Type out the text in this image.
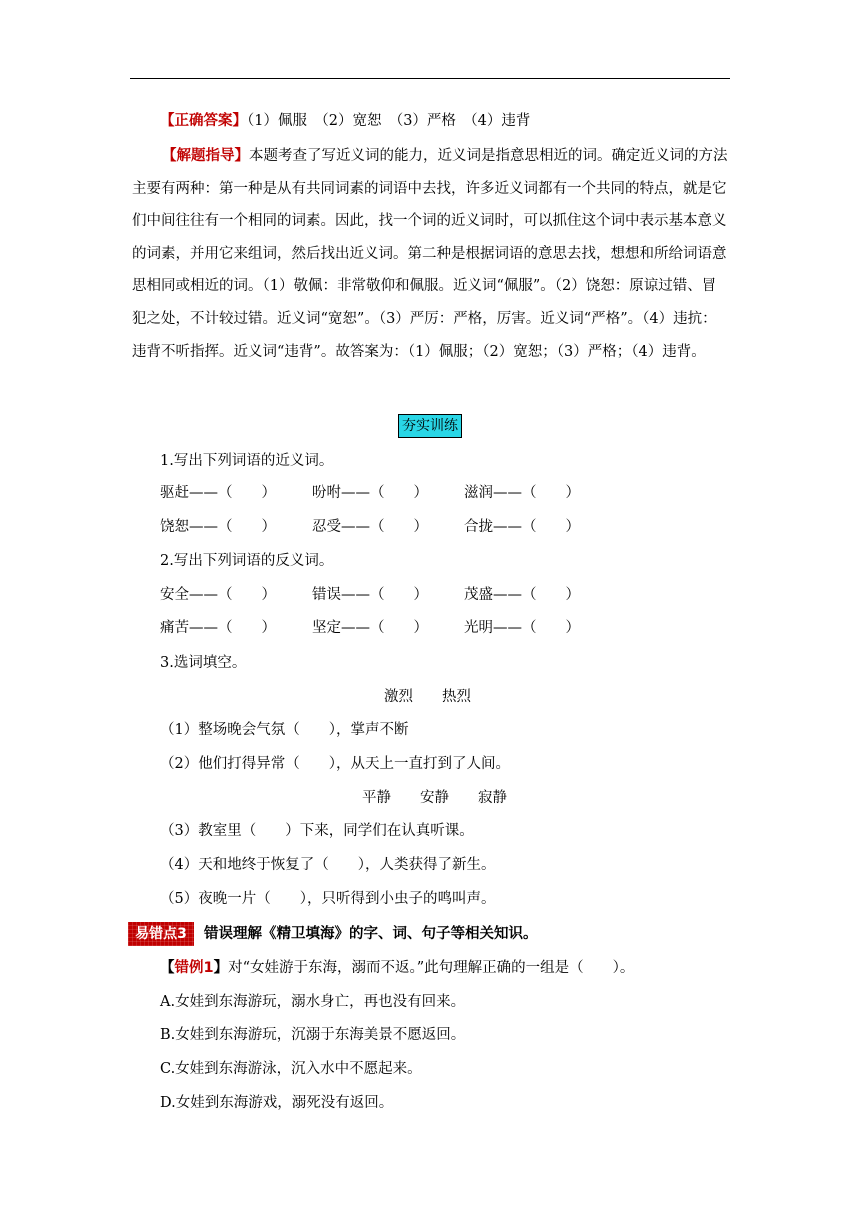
【正确答案】（1）佩服　（2）宽恕　（3）严格　（4）违背
【解题指导】本题考查了写近义词的能力，近义词是指意思相近的词。确定近义词的方法主要有两种：第一种是从有共同词素的词语中去找，许多近义词都有一个共同的特点，就是它们中间往往有一个相同的词素。因此，找一个词的近义词时，可以抓住这个词中表示基本意义的词素，并用它来组词，然后找出近义词。第二种是根据词语的意思去找，想想和所给词语意思相同或相近的词。（1）敬佩：非常敬仰和佩服。近义词“佩服”。（2）饶恕：原谅过错、冒犯之处，不计较过错。近义词“宽恕”。（3）严厉：严格，厉害。近义词“严格”。（4）违抗：违背不听指挥。近义词“违背”。故答案为：（1）佩服；（2）宽恕；（3）严格；（4）违背。
夯实训练
1.写出下列词语的近义词。
驱赶——（　　） 吩咐——（　　） 滋润——（　　）
饶恕——（　　） 忍受——（　　） 合拢——（　　）
2.写出下列词语的反义词。
安全——（　　） 错误——（　　） 茂盛——（　　）
痛苦——（　　） 坚定——（　　） 光明——（　　）
3.选词填空。
激烈　　热烈
（1）整场晚会气氛（　　），掌声不断
（2）他们打得异常（　　），从天上一直打到了人间。
平静　　安静　　寂静
（3）教室里（　　）下来，同学们在认真听课。
（4）天和地终于恢复了（　　），人类获得了新生。
（5）夜晚一片（　　），只听得到小虫子的鸣叫声。
易错点3	错误理解《精卫填海》的字、词、句子等相关知识。
【错例1】对“女娃游于东海，溺而不返。”此句理解正确的一组是（　　）。
A.女娃到东海游玩，溺水身亡，再也没有回来。
B.女娃到东海游玩，沉溺于东海美景不愿返回。
C.女娃到东海游泳，沉入水中不愿起来。
D.女娃到东海游戏，溺死没有返回。
